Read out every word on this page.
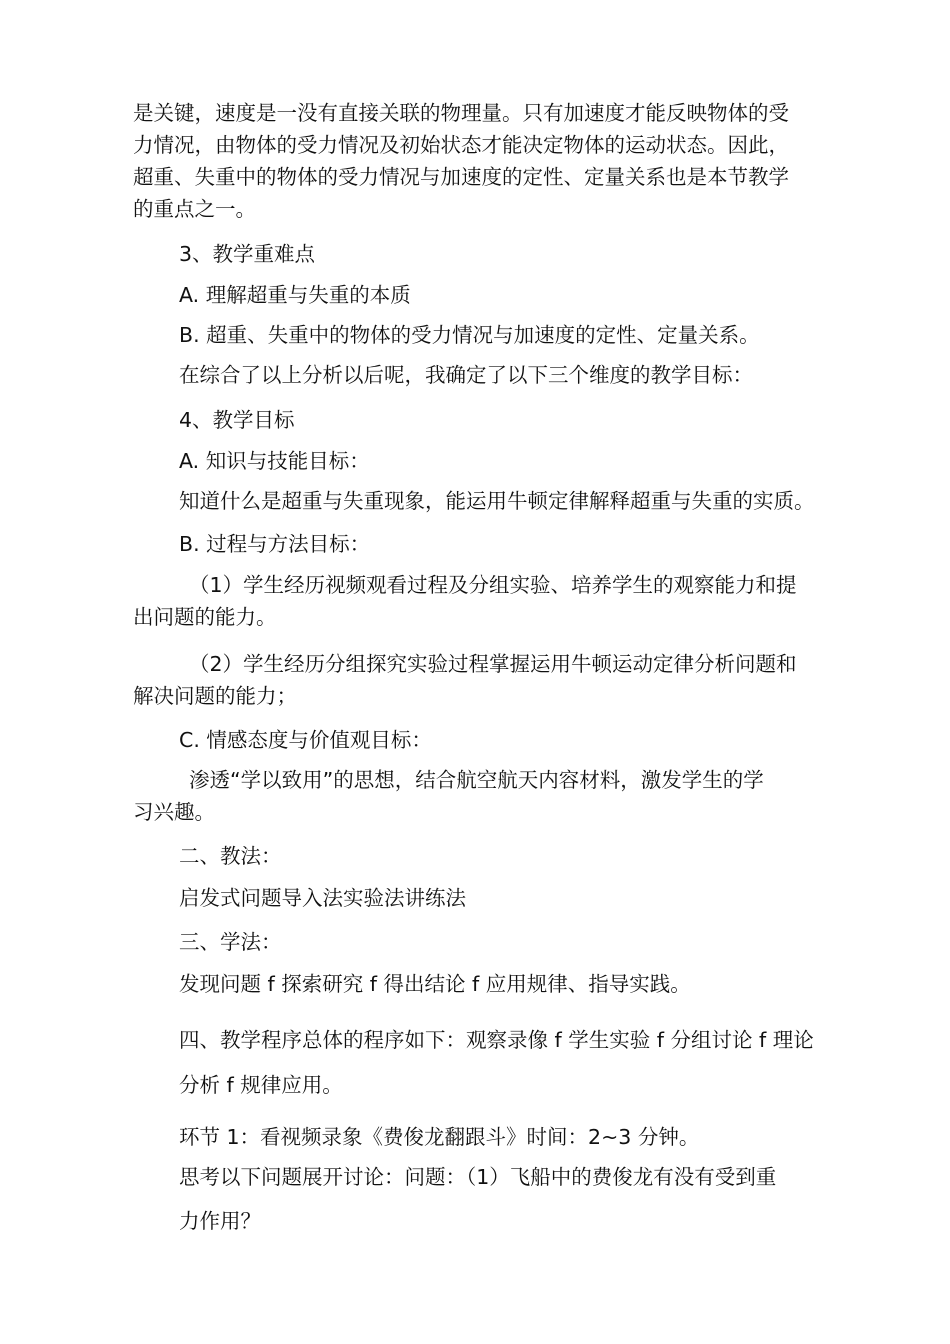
是关键，速度是一没有直接关联的物理量。只有加速度才能反映物体的受
力情况，由物体的受力情况及初始状态才能决定物体的运动状态。因此，
超重、失重中的物体的受力情况与加速度的定性、定量关系也是本节教学
的重点之一。
3、教学重难点
A. 理解超重与失重的本质
B. 超重、失重中的物体的受力情况与加速度的定性、定量关系。
在综合了以上分析以后呢，我确定了以下三个维度的教学目标：
4、教学目标
A. 知识与技能目标：
知道什么是超重与失重现象，能运用牛顿定律解释超重与失重的实质。
B. 过程与方法目标：
（1）学生经历视频观看过程及分组实验、培养学生的观察能力和提
出问题的能力。
（2）学生经历分组探究实验过程掌握运用牛顿运动定律分析问题和
解决问题的能力；
C. 情感态度与价值观目标：
渗透“学以致用”的思想，结合航空航天内容材料，激发学生的学
习兴趣。
二、教法：
启发式问题导入法实验法讲练法
三、学法：
发现问题 f 探索研究 f 得出结论 f 应用规律、指导实践。
四、教学程序总体的程序如下：观察录像 f 学生实验 f 分组讨论 f 理论
分析 f 规律应用。
环节 1：看视频录象《费俊龙翻跟斗》时间：2~3 分钟。
思考以下问题展开讨论：问题：（1）飞船中的费俊龙有没有受到重
力作用？
